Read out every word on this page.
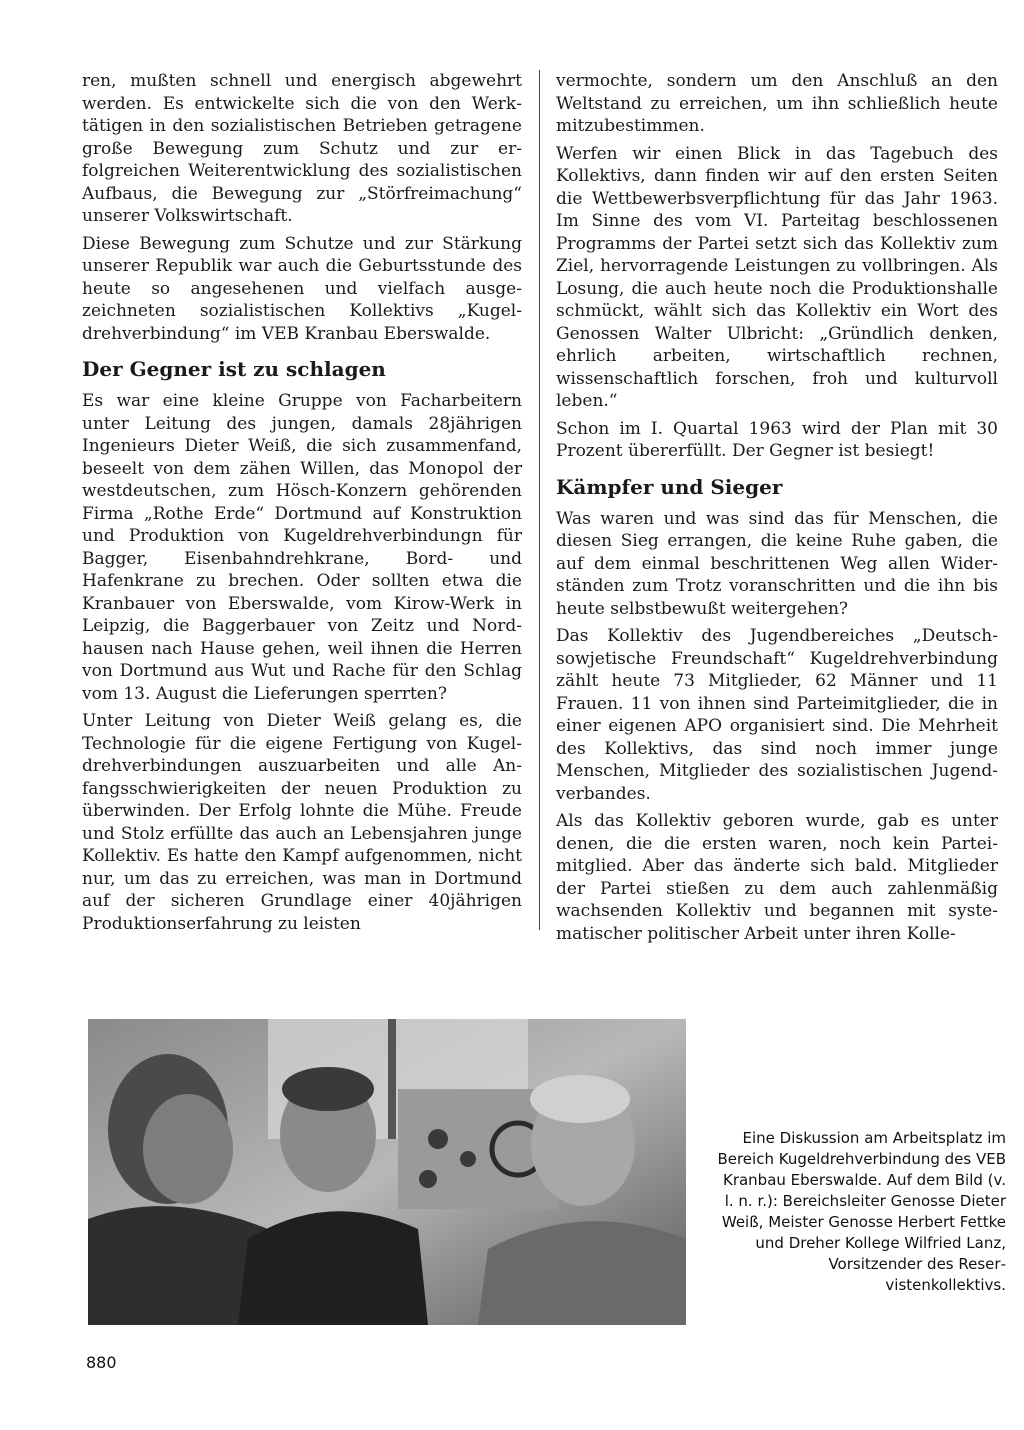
ren, mußten schnell und energisch abgewehrt werden. Es entwickelte sich die von den Werktätigen in den sozialistischen Betrieben getragene große Bewegung zum Schutz und zur erfolgreichen Weiterentwicklung des sozialistischen Aufbaus, die Bewegung zur „Störfreimachung“ unserer Volkswirtschaft.

Diese Bewegung zum Schutze und zur Stärkung unserer Republik war auch die Geburtsstunde des heute so angesehenen und vielfach ausgezeichneten sozialistischen Kollektivs „Kugeldrehverbindung“ im VEB Kranbau Eberswalde.

Der Gegner ist zu schlagen

Es war eine kleine Gruppe von Facharbeitern unter Leitung des jungen, damals 28jährigen Ingenieurs Dieter Weiß, die sich zusammenfand, beseelt von dem zähen Willen, das Monopol der westdeutschen, zum Hösch-Konzern gehörenden Firma „Rothe Erde“ Dortmund auf Konstruktion und Produktion von Kugeldrehverbindungn für Bagger, Eisenbahndrehkrane, Bord- und Hafenkrane zu brechen. Oder sollten etwa die Kranbauer von Eberswalde, vom Kirow-Werk in Leipzig, die Baggerbauer von Zeitz und Nordhausen nach Hause gehen, weil ihnen die Herren von Dortmund aus Wut und Rache für den Schlag vom 13. August die Lieferungen sperrten?

Unter Leitung von Dieter Weiß gelang es, die Technologie für die eigene Fertigung von Kugeldrehverbindungen auszuarbeiten und alle Anfangsschwierigkeiten der neuen Produktion zu überwinden. Der Erfolg lohnte die Mühe. Freude und Stolz erfüllte das auch an Lebensjahren junge Kollektiv. Es hatte den Kampf aufgenommen, nicht nur, um das zu erreichen, was man in Dortmund auf der sicheren Grundlage einer 40jährigen Produktionserfahrung zu leisten

vermochte, sondern um den Anschluß an den Weltstand zu erreichen, um ihn schließlich heute mitzubestimmen.

Werfen wir einen Blick in das Tagebuch des Kollektivs, dann finden wir auf den ersten Seiten die Wettbewerbsverpflichtung für das Jahr 1963. Im Sinne des vom VI. Parteitag beschlossenen Programms der Partei setzt sich das Kollektiv zum Ziel, hervorragende Leistungen zu vollbringen. Als Losung, die auch heute noch die Produktionshalle schmückt, wählt sich das Kollektiv ein Wort des Genossen Walter Ulbricht: „Gründlich denken, ehrlich arbeiten, wirtschaftlich rechnen, wissenschaftlich forschen, froh und kulturvoll leben.“

Schon im I. Quartal 1963 wird der Plan mit 30 Prozent übererfüllt. Der Gegner ist besiegt!

Kämpfer und Sieger

Was waren und was sind das für Menschen, die diesen Sieg errangen, die keine Ruhe gaben, die auf dem einmal beschrittenen Weg allen Widerständen zum Trotz voranschritten und die ihn bis heute selbstbewußt weitergehen?

Das Kollektiv des Jugendbereiches „Deutschsowjetische Freundschaft“ Kugeldrehverbindung zählt heute 73 Mitglieder, 62 Männer und 11 Frauen. 11 von ihnen sind Parteimitglieder, die in einer eigenen APO organisiert sind. Die Mehrheit des Kollektivs, das sind noch immer junge Menschen, Mitglieder des sozialistischen Jugendverbandes.

Als das Kollektiv geboren wurde, gab es unter denen, die die ersten waren, noch kein Parteimitglied. Aber das änderte sich bald. Mitglieder der Partei stießen zu dem auch zahlenmäßig wachsenden Kollektiv und begannen mit systematischer politischer Arbeit unter ihren Kolle-

Eine Diskussion am Arbeitsplatz im Bereich Kugeldrehverbindung des VEB Kranbau Eberswalde. Auf dem Bild (v. l. n. r.): Bereichsleiter Genosse Dieter Weiß, Meister Genosse Herbert Fettke und Dreher Kollege Wilfried Lanz, Vorsitzender des Reservistenkollektivs.
880
